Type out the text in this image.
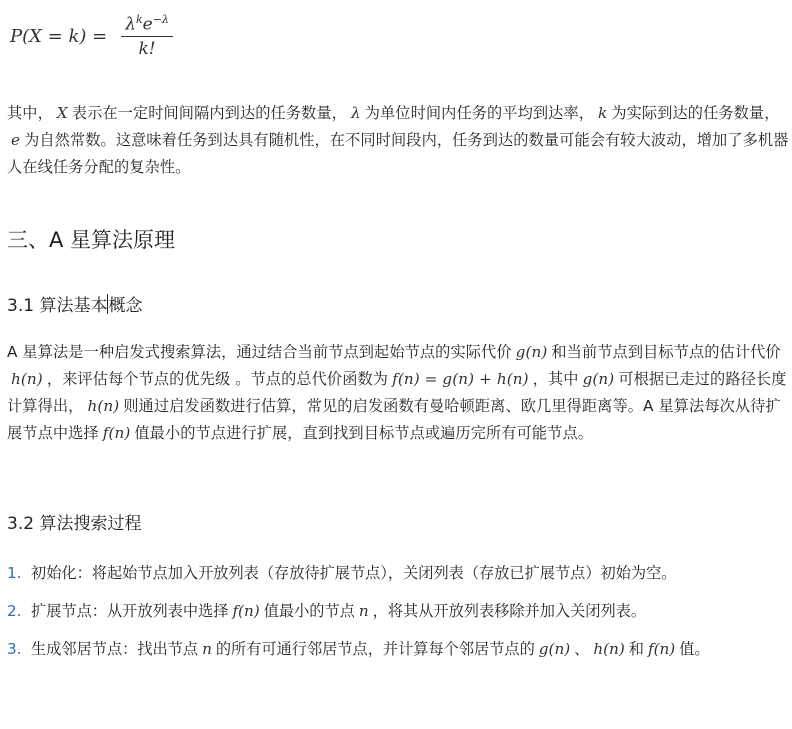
$P(X = k) = \frac{\lambda^ke^{-\lambda}}{k!}$

其中， X 表示在一定时间间隔内到达的任务数量， λ 为单位时间内任务的平均到达率， k 为实际到达的任务数量，e 为自然常数。这意味着任务到达具有随机性，在不同时间段内，任务到达的数量可能会有较大波动，增加了多机器人在线任务分配的复杂性。

三、A 星算法原理
3.1 算法基本概念

A 星算法是一种启发式搜索算法，通过结合当前节点到起始节点的实际代价 g(n) 和当前节点到目标节点的估计代价h(n) ，来评估每个节点的优先级 。节点的总代价函数为 f(n) = g(n) + h(n) ，其中 g(n) 可根据已走过的路径长度计算得出， h(n) 则通过启发函数进行估算，常见的启发函数有曼哈顿距离、欧几里得距离等。A 星算法每次从待扩展节点中选择 f(n) 值最小的节点进行扩展，直到找到目标节点或遍历完所有可能节点。

3.2 算法搜索过程
1. 初始化：将起始节点加入开放列表（存放待扩展节点），关闭列表（存放已扩展节点）初始为空。
2. 扩展节点：从开放列表中选择 f(n) 值最小的节点 n ，将其从开放列表移除并加入关闭列表。
3. 生成邻居节点：找出节点 n 的所有可通行邻居节点，并计算每个邻居节点的 g(n) 、 h(n) 和 f(n) 值。
